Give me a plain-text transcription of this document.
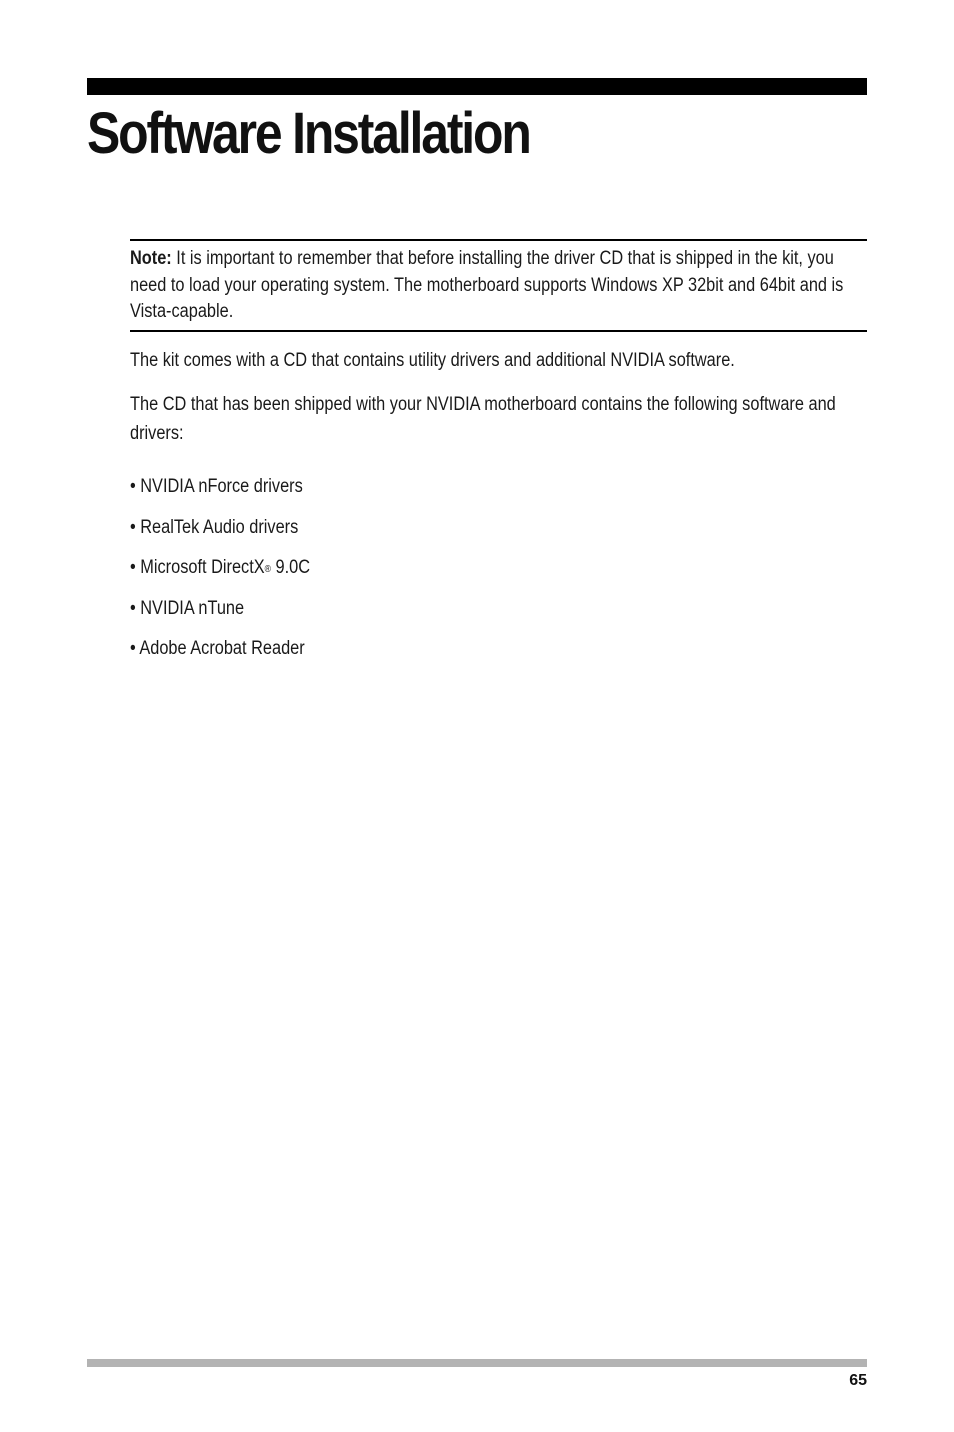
Software Installation
Note: It is important to remember that before installing the driver CD that is shipped in the kit, you need to load your operating system. The motherboard supports Windows XP 32bit and 64bit and is Vista-capable.

The kit comes with a CD that contains utility drivers and additional NVIDIA software.

The CD that has been shipped with your NVIDIA motherboard contains the following software and drivers:

• NVIDIA nForce drivers
• RealTek Audio drivers
• Microsoft DirectX® 9.0C
• NVIDIA nTune
• Adobe Acrobat Reader
65
